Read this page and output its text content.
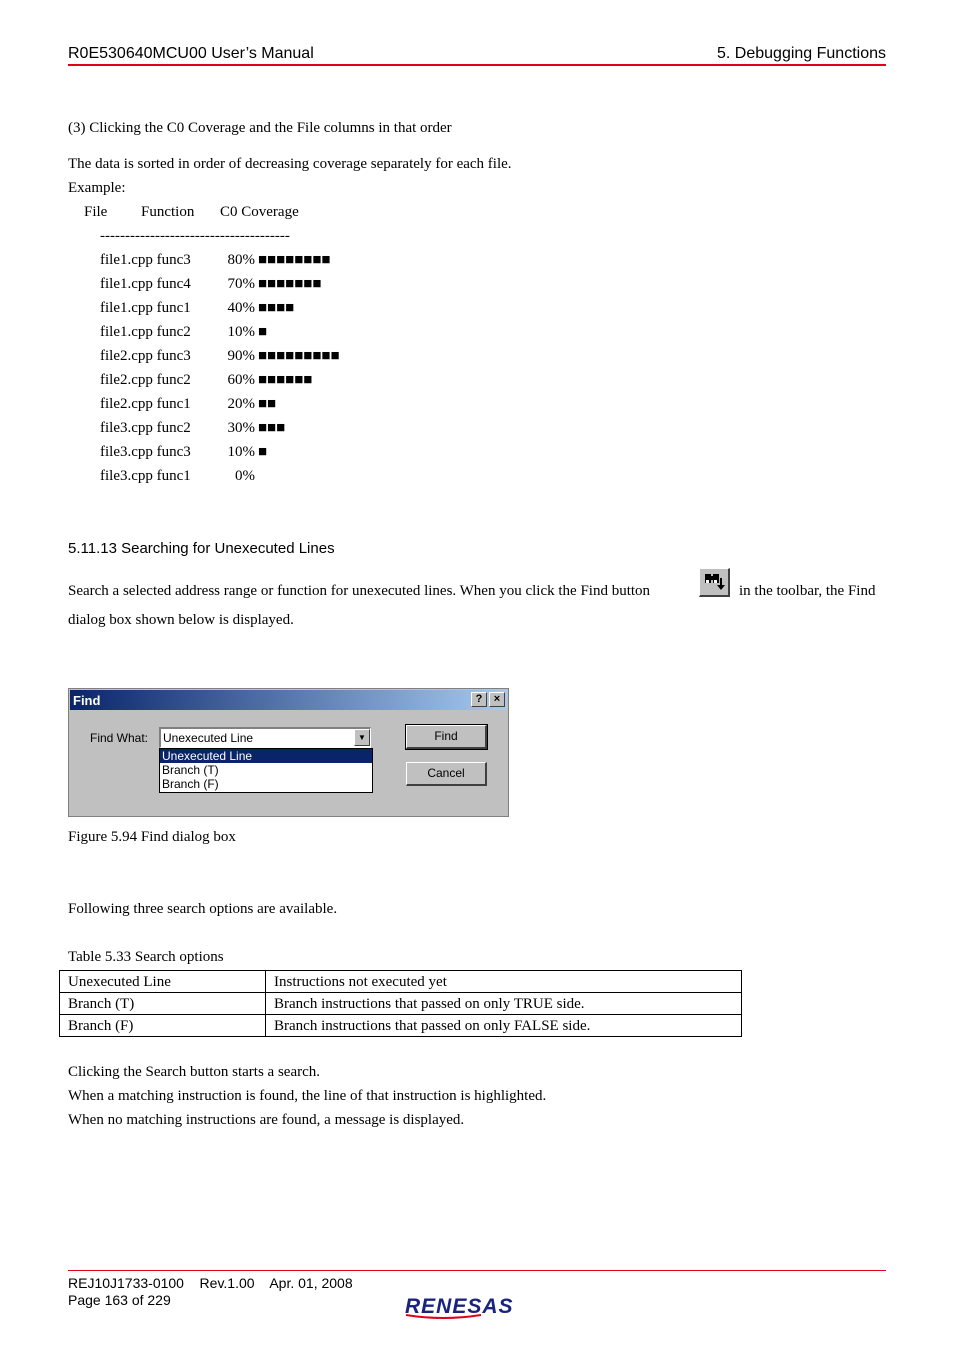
R0E530640MCU00 User’s Manual	5. Debugging Functions
(3) Clicking the C0 Coverage and the File columns in that order
The data is sorted in order of decreasing coverage separately for each file.
Example:
File Function C0 Coverage
--------------------------------------
file1.cpp func3 80% ■■■■■■■■
file1.cpp func4 70% ■■■■■■■
file1.cpp func1 40% ■■■■
file1.cpp func2 10% ■
file2.cpp func3 90% ■■■■■■■■■
file2.cpp func2 60% ■■■■■■
file2.cpp func1 20% ■■
file3.cpp func2 30% ■■■
file3.cpp func3 10% ■
file3.cpp func1	0%
5.11.13 Searching for Unexecuted Lines
Search a selected address range or function for unexecuted lines. When you click the Find button	in the toolbar, the Find
dialog box shown below is displayed.
Find	?	×
Find What: Unexecuted Line	▼
Unexecuted Line
Branch (T)
Branch (F)
Find
Cancel
Figure 5.94 Find dialog box
Following three search options are available.
Table 5.33 Search options
Unexecuted Line	Instructions not executed yet
Branch (T)	Branch instructions that passed on only TRUE side.
Branch (F)	Branch instructions that passed on only FALSE side.
Clicking the Search button starts a search.
When a matching instruction is found, the line of that instruction is highlighted.
When no matching instructions are found, a message is displayed.
REJ10J1733-0100 Rev.1.00 Apr. 01, 2008
Page 163 of 229	RENESAS
